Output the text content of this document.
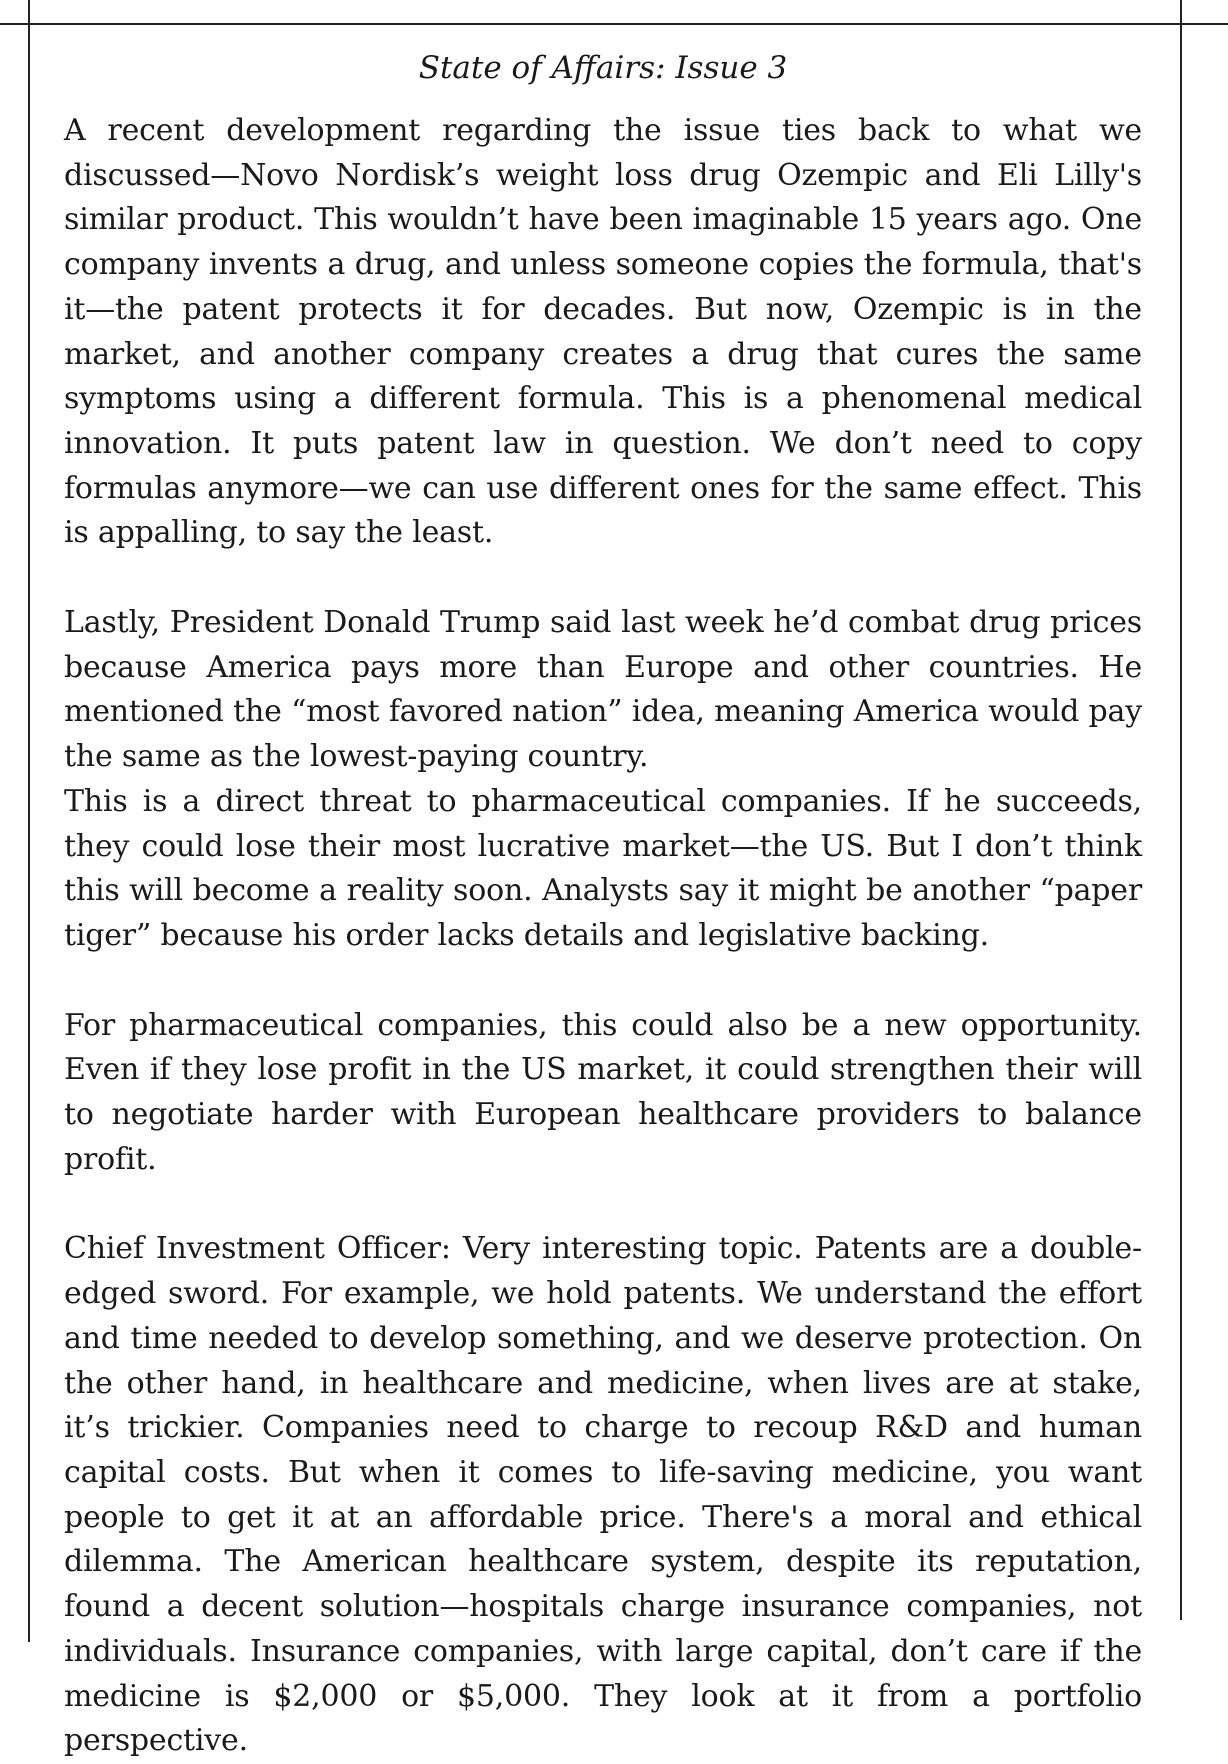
State of Affairs: Issue 3

A recent development regarding the issue ties back to what we discussed—Novo Nordisk’s weight loss drug Ozempic and Eli Lilly's similar product. This wouldn’t have been imaginable 15 years ago. One company invents a drug, and unless someone copies the formula, that's it—the patent protects it for decades. But now, Ozempic is in the market, and another company creates a drug that cures the same symptoms using a different formula. This is a phenomenal medical innovation. It puts patent law in question. We don’t need to copy formulas anymore—we can use different ones for the same effect. This is appalling, to say the least.

Lastly, President Donald Trump said last week he’d combat drug prices because America pays more than Europe and other countries. He mentioned the “most favored nation” idea, meaning America would pay the same as the lowest-paying country.

This is a direct threat to pharmaceutical companies. If he succeeds, they could lose their most lucrative market—the US. But I don’t think this will become a reality soon. Analysts say it might be another “paper tiger” because his order lacks details and legislative backing.

For pharmaceutical companies, this could also be a new opportunity. Even if they lose profit in the US market, it could strengthen their will to negotiate harder with European healthcare providers to balance profit.

Chief Investment Officer: Very interesting topic. Patents are a double-edged sword. For example, we hold patents. We understand the effort and time needed to develop something, and we deserve protection. On the other hand, in healthcare and medicine, when lives are at stake, it’s trickier. Companies need to charge to recoup R&D and human capital costs. But when it comes to life-saving medicine, you want people to get it at an affordable price. There's a moral and ethical dilemma. The American healthcare system, despite its reputation, found a decent solution—hospitals charge insurance companies, not individuals. Insurance companies, with large capital, don’t care if the medicine is $2,000 or $5,000. They look at it from a portfolio perspective.
